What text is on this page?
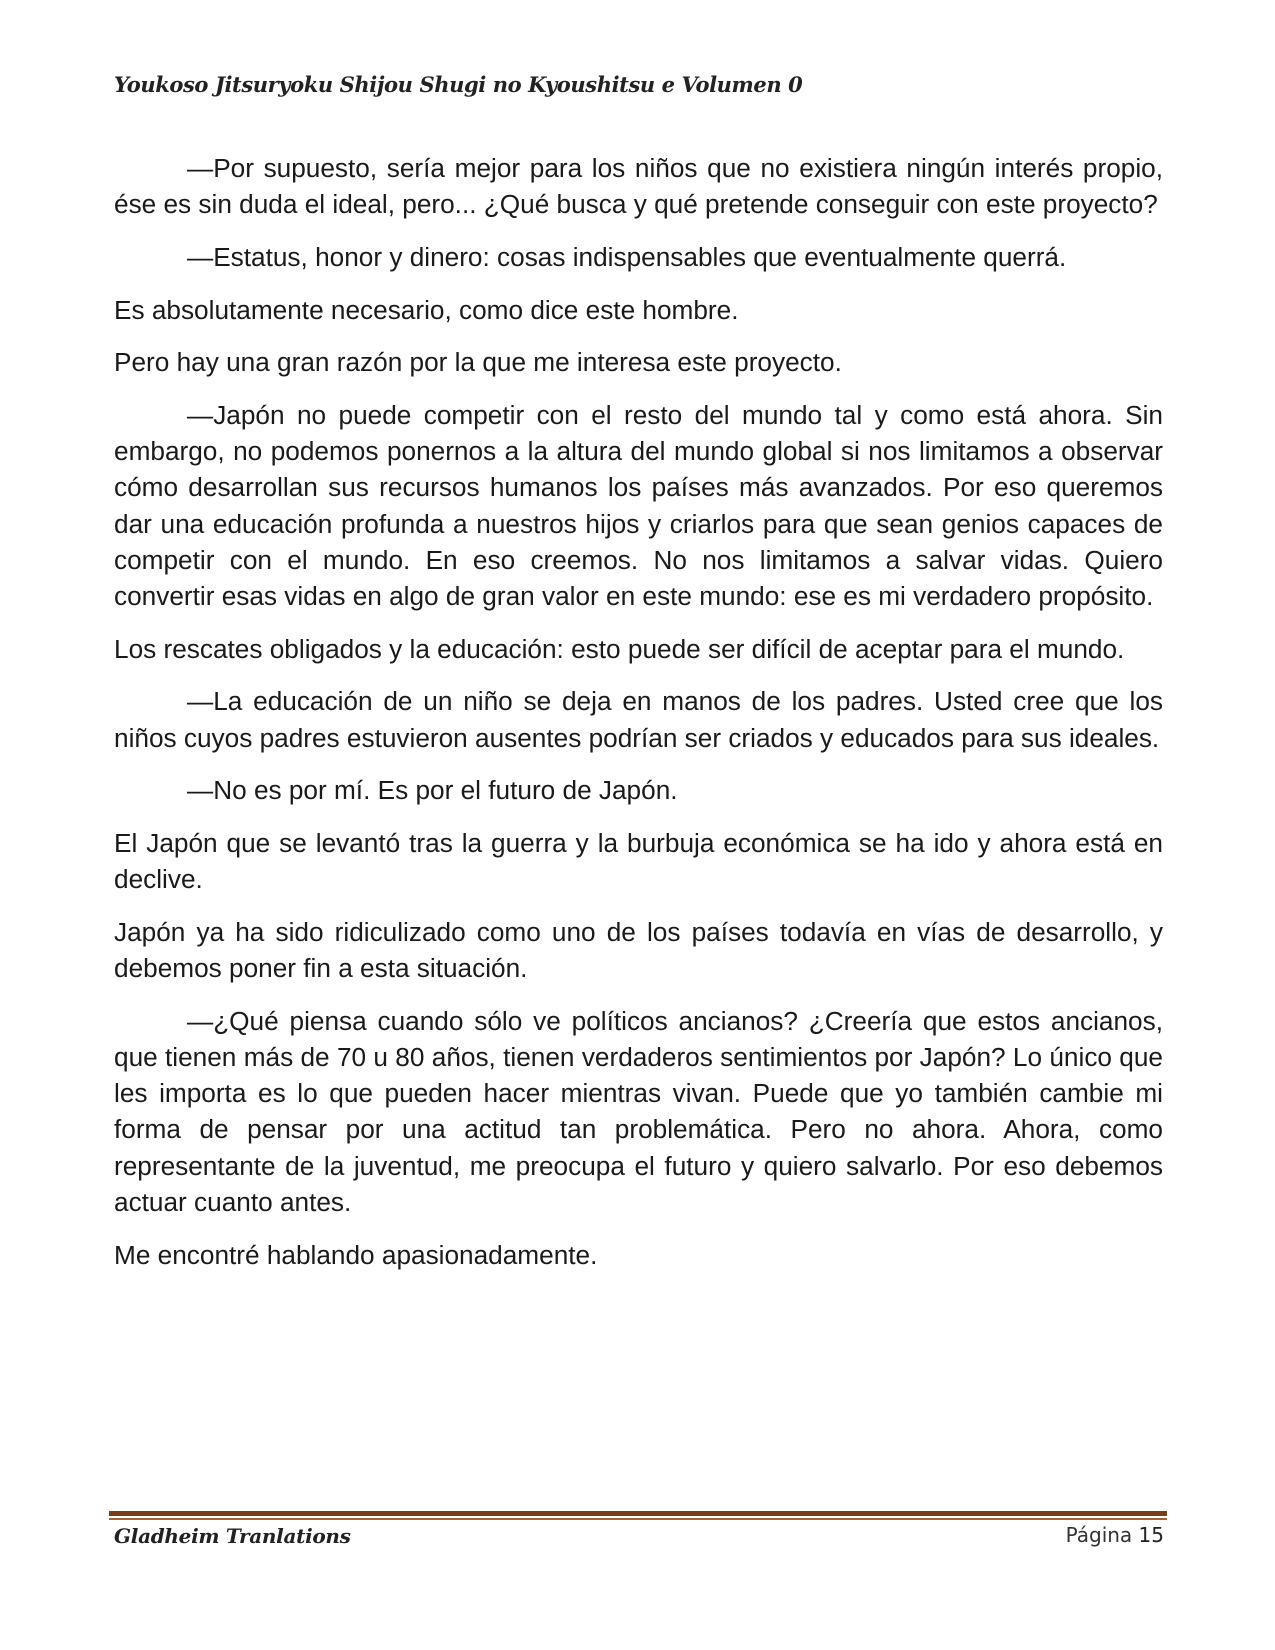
Youkoso Jitsuryoku Shijou Shugi no Kyoushitsu e Volumen 0

—Por supuesto, sería mejor para los niños que no existiera ningún interés propio, ése es sin duda el ideal, pero... ¿Qué busca y qué pretende conseguir con este proyecto?

—Estatus, honor y dinero: cosas indispensables que eventualmente querrá.

Es absolutamente necesario, como dice este hombre.

Pero hay una gran razón por la que me interesa este proyecto.

—Japón no puede competir con el resto del mundo tal y como está ahora. Sin embargo, no podemos ponernos a la altura del mundo global si nos limitamos a observar cómo desarrollan sus recursos humanos los países más avanzados. Por eso queremos dar una educación profunda a nuestros hijos y criarlos para que sean genios capaces de competir con el mundo. En eso creemos. No nos limitamos a salvar vidas. Quiero convertir esas vidas en algo de gran valor en este mundo: ese es mi verdadero propósito.

Los rescates obligados y la educación: esto puede ser difícil de aceptar para el mundo.

—La educación de un niño se deja en manos de los padres. Usted cree que los niños cuyos padres estuvieron ausentes podrían ser criados y educados para sus ideales.

—No es por mí. Es por el futuro de Japón.

El Japón que se levantó tras la guerra y la burbuja económica se ha ido y ahora está en declive.

Japón ya ha sido ridiculizado como uno de los países todavía en vías de desarrollo, y debemos poner fin a esta situación.

—¿Qué piensa cuando sólo ve políticos ancianos? ¿Creería que estos ancianos, que tienen más de 70 u 80 años, tienen verdaderos sentimientos por Japón? Lo único que les importa es lo que pueden hacer mientras vivan. Puede que yo también cambie mi forma de pensar por una actitud tan problemática. Pero no ahora. Ahora, como representante de la juventud, me preocupa el futuro y quiero salvarlo. Por eso debemos actuar cuanto antes.

Me encontré hablando apasionadamente.

Gladheim Tranlations	Página 15
